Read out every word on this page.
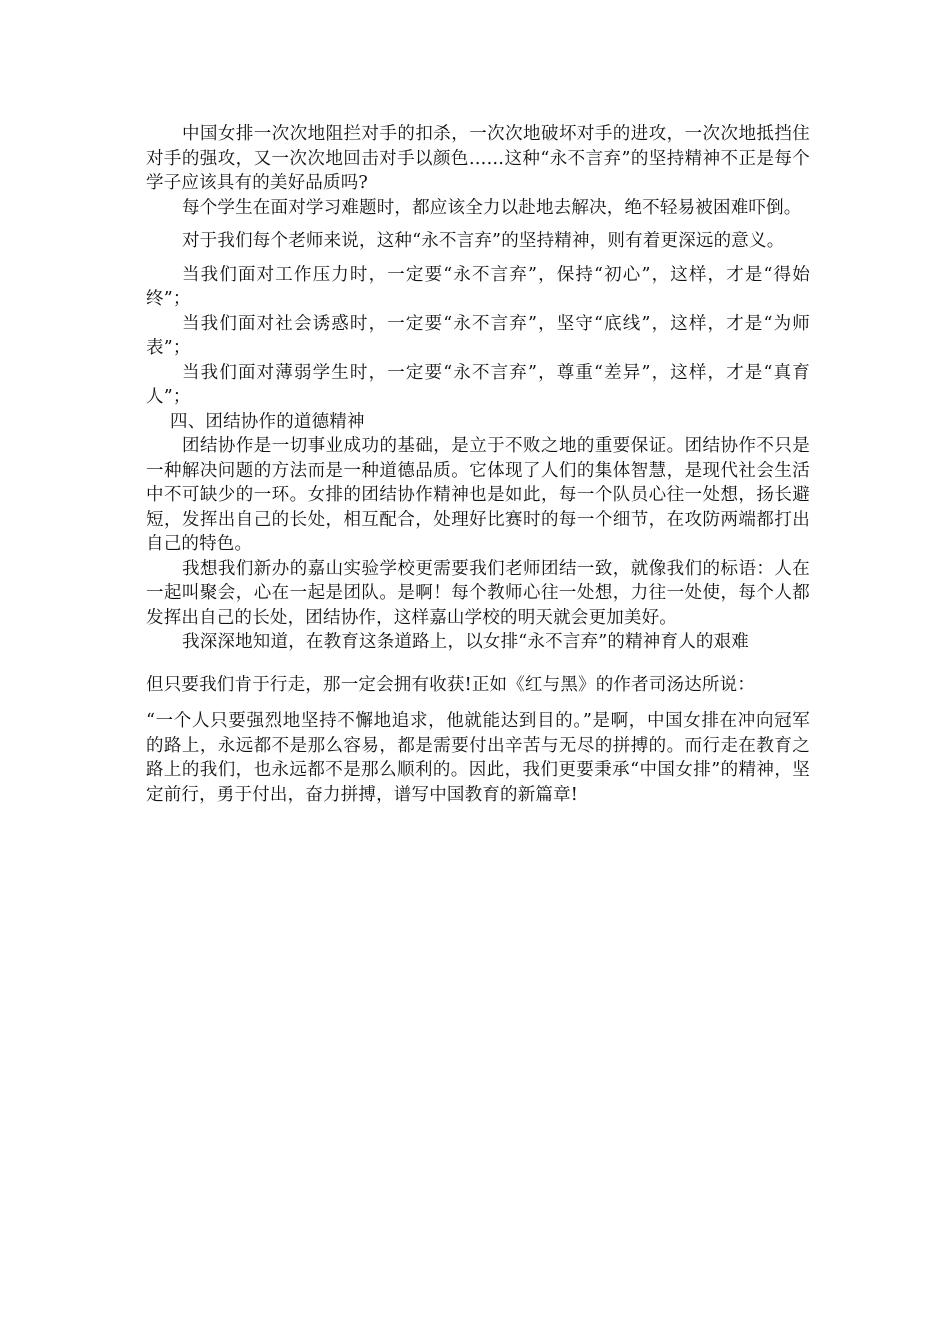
中国女排一次次地阻拦对手的扣杀，一次次地破坏对手的进攻，一次次地抵挡住对手的强攻，又一次次地回击对手以颜色……这种“永不言弃”的坚持精神不正是每个学子应该具有的美好品质吗?

每个学生在面对学习难题时，都应该全力以赴地去解决，绝不轻易被困难吓倒。

对于我们每个老师来说，这种“永不言弃”的坚持精神，则有着更深远的意义。

当我们面对工作压力时，一定要“永不言弃”，保持“初心”，这样，才是“得始终”；

当我们面对社会诱惑时，一定要“永不言弃”，坚守“底线”，这样，才是“为师表”；

当我们面对薄弱学生时，一定要“永不言弃”，尊重“差异”，这样，才是“真育人”；

四、团结协作的道德精神

团结协作是一切事业成功的基础，是立于不败之地的重要保证。团结协作不只是一种解决问题的方法而是一种道德品质。它体现了人们的集体智慧，是现代社会生活中不可缺少的一环。女排的团结协作精神也是如此，每一个队员心往一处想，扬长避短，发挥出自己的长处，相互配合，处理好比赛时的每一个细节，在攻防两端都打出自己的特色。

我想我们新办的嘉山实验学校更需要我们老师团结一致，就像我们的标语：人在一起叫聚会，心在一起是团队。是啊！每个教师心往一处想，力往一处使，每个人都发挥出自己的长处，团结协作，这样嘉山学校的明天就会更加美好。

我深深地知道，在教育这条道路上，以女排“永不言弃”的精神育人的艰难

但只要我们肯于行走，那一定会拥有收获!正如《红与黑》的作者司汤达所说：

“一个人只要强烈地坚持不懈地追求，他就能达到目的。”是啊，中国女排在冲向冠军的路上，永远都不是那么容易，都是需要付出辛苦与无尽的拼搏的。而行走在教育之路上的我们，也永远都不是那么顺利的。因此，我们更要秉承“中国女排”的精神，坚定前行，勇于付出，奋力拼搏，谱写中国教育的新篇章!
